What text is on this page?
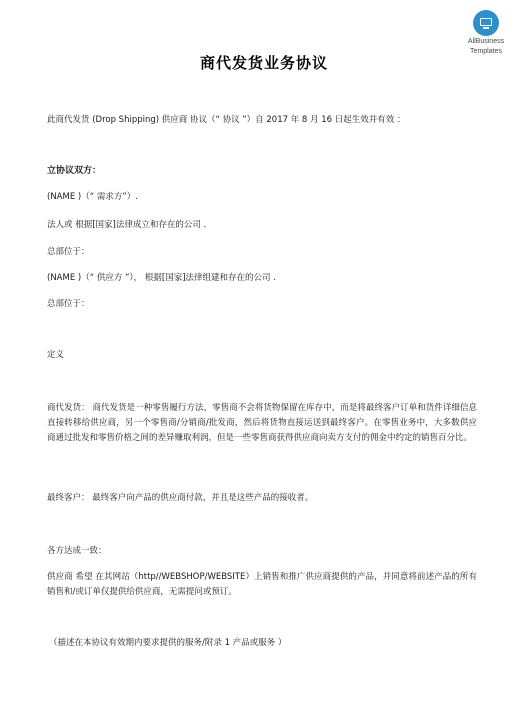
AllBusiness
Templates
商代发货业务协议
此商代发货 (Drop Shipping) 供应商 协议（“ 协议 ”）自 2017 年 8 月 16 日起生效并有效 ：
立协议双方：
(NAME )（“ 需求方”）.
法人或 根据[国家]法律成立和存在的公司 .
总部位于：
(NAME )（“ 供应方 ”）， 根据[国家]法律组建和存在的公司 .
总部位于：
定义
商代发货： 商代发货是一种零售履行方法，零售商不会将货物保留在库存中，而是将最终客户订单和货件详细信息直接转移给供应商，另一个零售商/分销商/批发商，然后将货物直接运送到最终客户。在零售业务中，大多数供应商通过批发和零售价格之间的差异赚取利润，但是一些零售商获得供应商向卖方支付的佣金中约定的销售百分比。
最终客户： 最终客户向产品的供应商付款，并且是这些产品的接收者。
各方达成一致：
供应商 希望 在其网站（http//WEBSHOP/WEBSITE）上销售和推广供应商提供的产品，并同意将前述产品的所有销售和/或订单仅提供给供应商，无需提问或预订。
（描述在本协议有效期内要求提供的服务/附录 1 产品或服务 ）
